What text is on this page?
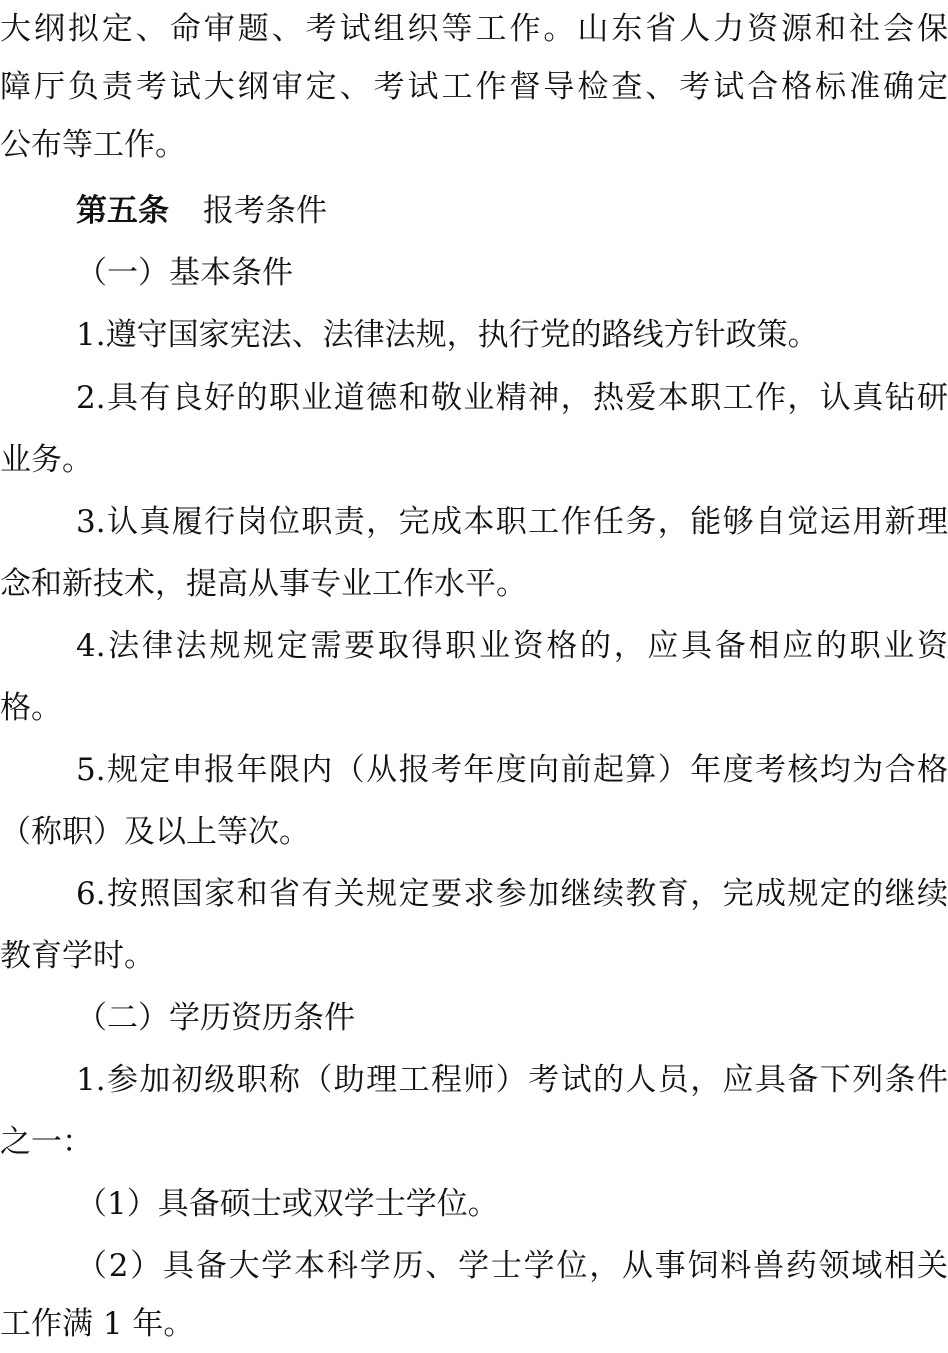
大纲拟定、命审题、考试组织等工作。山东省人力资源和社会保
障厅负责考试大纲审定、考试工作督导检查、考试合格标准确定
公布等工作。
第五条 报考条件
（一）基本条件
1.遵守国家宪法、法律法规，执行党的路线方针政策。
2.具有良好的职业道德和敬业精神，热爱本职工作，认真钻研
业务。
3.认真履行岗位职责，完成本职工作任务，能够自觉运用新理
念和新技术，提高从事专业工作水平。
4.法律法规规定需要取得职业资格的，应具备相应的职业资
格。
5.规定申报年限内（从报考年度向前起算）年度考核均为合格
（称职）及以上等次。
6.按照国家和省有关规定要求参加继续教育，完成规定的继续
教育学时。
（二）学历资历条件
1.参加初级职称（助理工程师）考试的人员，应具备下列条件
之一：
（1）具备硕士或双学士学位。
（2）具备大学本科学历、学士学位，从事饲料兽药领域相关
工作满 1 年。
